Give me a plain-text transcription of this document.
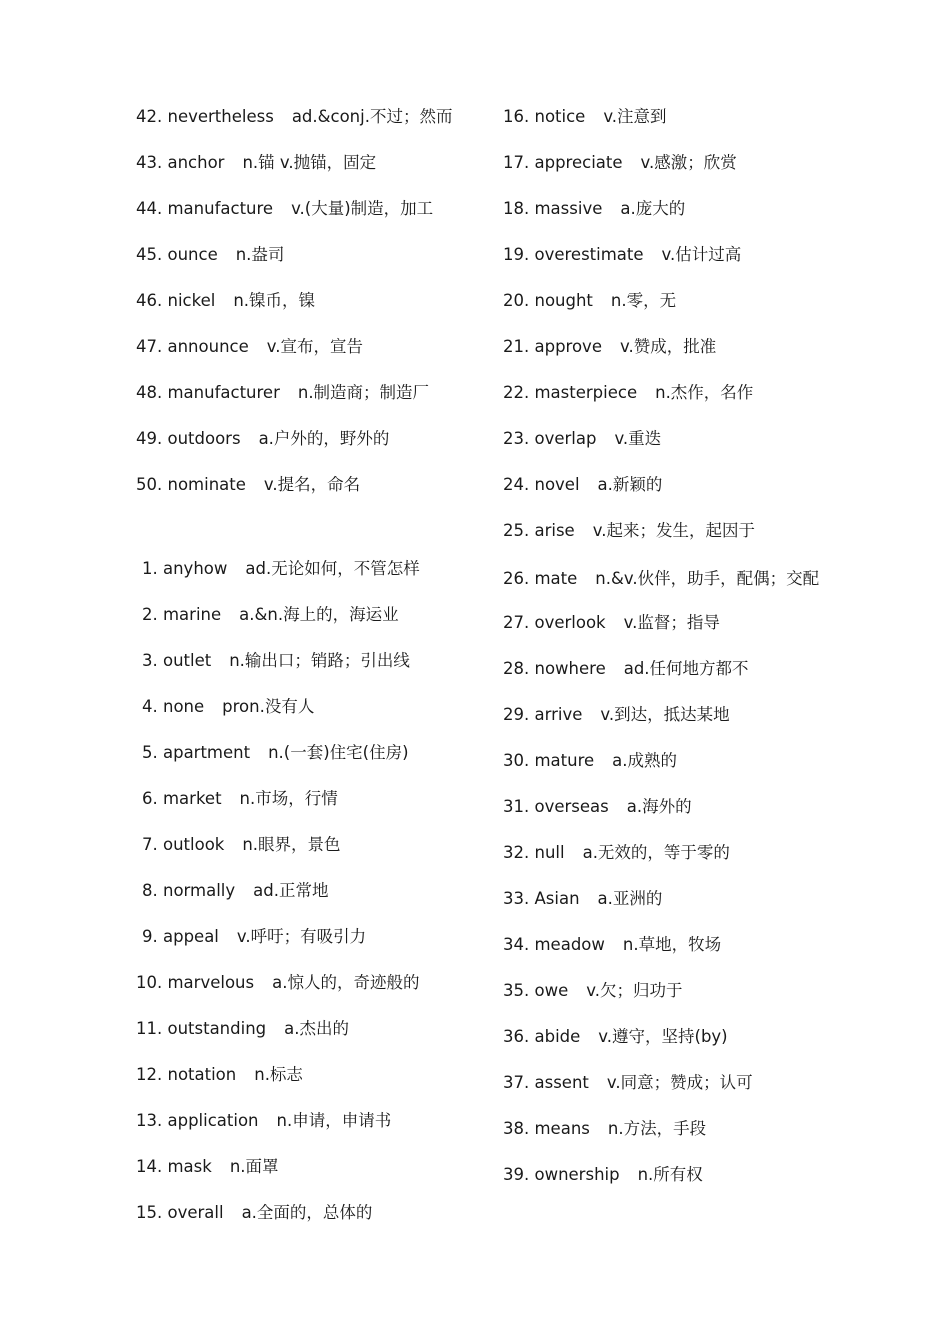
42. nevertheless ad.&conj.不过；然而
43. anchor n.锚 v.抛锚，固定
44. manufacture v.(大量)制造，加工
45. ounce n.盎司
46. nickel n.镍币，镍
47. announce v.宣布，宣告
48. manufacturer n.制造商；制造厂
49. outdoors a.户外的，野外的
50. nominate v.提名，命名
1. anyhow ad.无论如何，不管怎样
2. marine a.&n.海上的，海运业
3. outlet n.输出口；销路；引出线
4. none pron.没有人
5. apartment n.(一套)住宅(住房)
6. market n.市场，行情
7. outlook n.眼界，景色
8. normally ad.正常地
9. appeal v.呼吁；有吸引力
10. marvelous a.惊人的，奇迹般的
11. outstanding a.杰出的
12. notation n.标志
13. application n.申请，申请书
14. mask n.面罩
15. overall a.全面的，总体的
16. notice v.注意到
17. appreciate v.感激；欣赏
18. massive a.庞大的
19. overestimate v.估计过高
20. nought n.零，无
21. approve v.赞成，批准
22. masterpiece n.杰作，名作
23. overlap v.重迭
24. novel a.新颖的
25. arise v.起来；发生，起因于
26. mate n.&v.伙伴，助手，配偶；交配
27. overlook v.监督；指导
28. nowhere ad.任何地方都不
29. arrive v.到达，抵达某地
30. mature a.成熟的
31. overseas a.海外的
32. null a.无效的，等于零的
33. Asian a.亚洲的
34. meadow n.草地，牧场
35. owe v.欠；归功于
36. abide v.遵守，坚持(by)
37. assent v.同意；赞成；认可
38. means n.方法，手段
39. ownership n.所有权
